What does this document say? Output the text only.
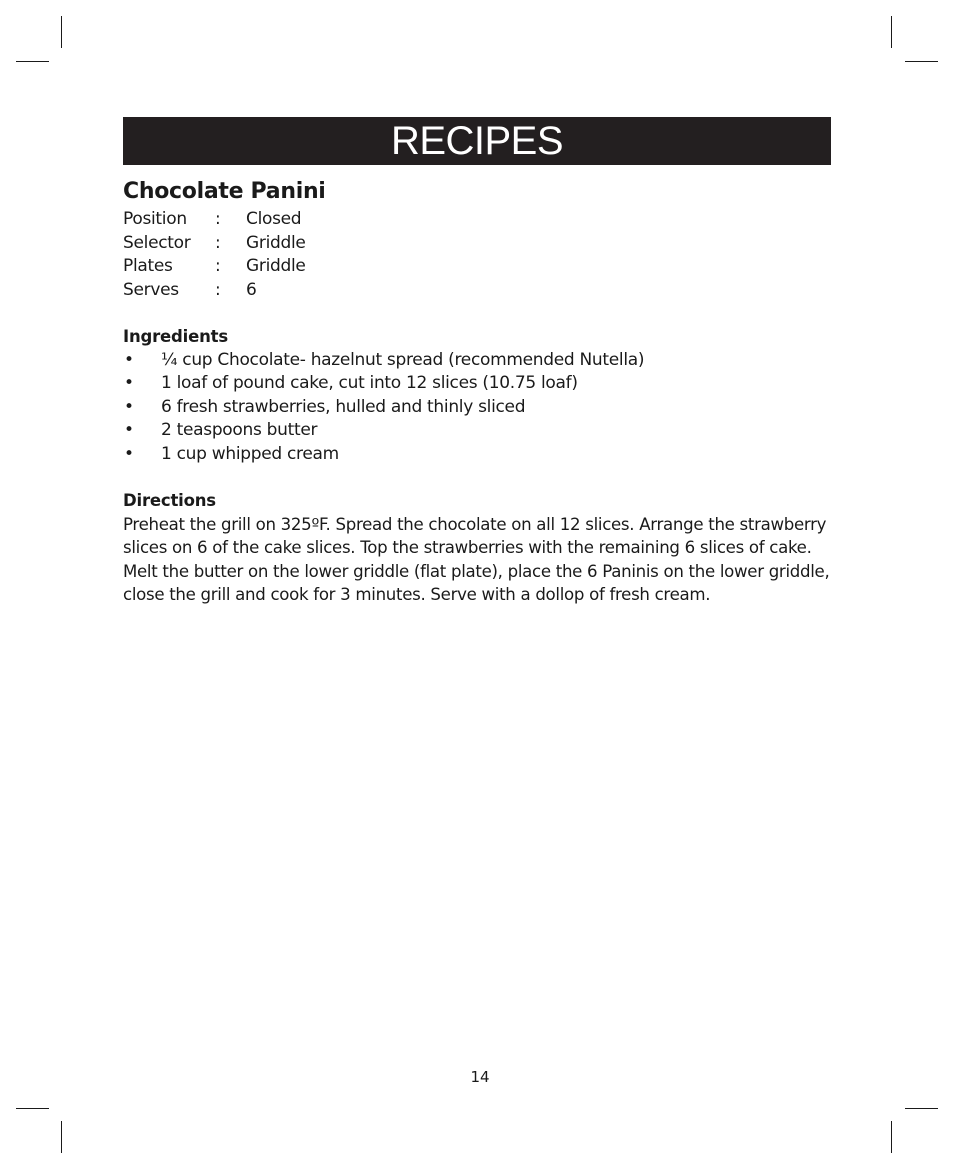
RECIPES
Chocolate Panini
Position	:	Closed
Selector	:	Griddle
Plates	:	Griddle
Serves	:	6
Ingredients
•	¼ cup Chocolate- hazelnut spread (recommended Nutella)
•	1 loaf of pound cake, cut into 12 slices (10.75 loaf)
•	6 fresh strawberries, hulled and thinly sliced
•	2 teaspoons butter
•	1 cup whipped cream
Directions

Preheat the grill on 325ºF. Spread the chocolate on all 12 slices. Arrange the strawberry slices on 6 of the cake slices. Top the strawberries with the remaining 6 slices of cake. Melt the butter on the lower griddle (flat plate), place the 6 Paninis on the lower griddle, close the grill and cook for 3 minutes. Serve with a dollop of fresh cream.

14
